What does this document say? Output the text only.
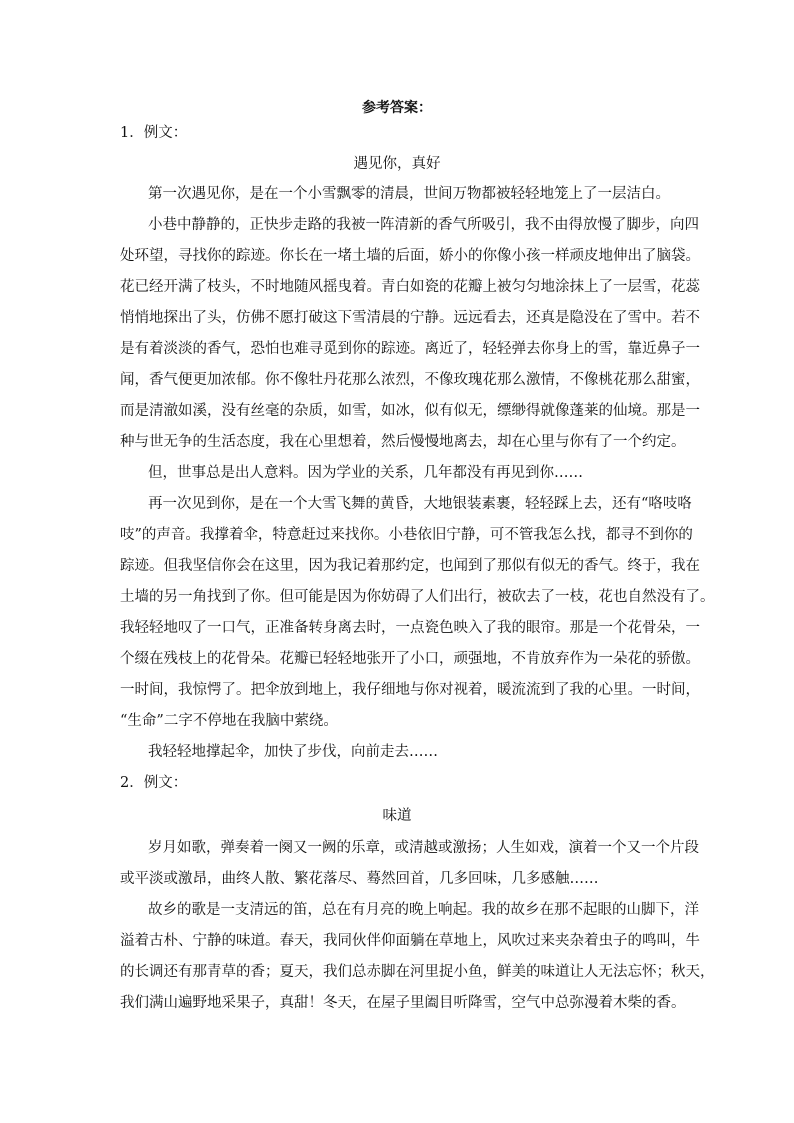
参考答案：
1．例文：
遇见你，真好
第一次遇见你，是在一个小雪飘零的清晨，世间万物都被轻轻地笼上了一层洁白。
小巷中静静的，正快步走路的我被一阵清新的香气所吸引，我不由得放慢了脚步，向四
处环望，寻找你的踪迹。你长在一堵土墙的后面，娇小的你像小孩一样顽皮地伸出了脑袋。
花已经开满了枝头，不时地随风摇曳着。青白如瓷的花瓣上被匀匀地涂抹上了一层雪，花蕊
悄悄地探出了头，仿佛不愿打破这下雪清晨的宁静。远远看去，还真是隐没在了雪中。若不
是有着淡淡的香气，恐怕也难寻觅到你的踪迹。离近了，轻轻弹去你身上的雪，靠近鼻子一
闻，香气便更加浓郁。你不像牡丹花那么浓烈，不像玫瑰花那么激情，不像桃花那么甜蜜，
而是清澈如溪，没有丝毫的杂质，如雪，如冰，似有似无，缥缈得就像蓬莱的仙境。那是一
种与世无争的生活态度，我在心里想着，然后慢慢地离去，却在心里与你有了一个约定。
但，世事总是出人意料。因为学业的关系，几年都没有再见到你……
再一次见到你，是在一个大雪飞舞的黄昏，大地银装素裹，轻轻踩上去，还有“咯吱咯
吱”的声音。我撑着伞，特意赶过来找你。小巷依旧宁静，可不管我怎么找，都寻不到你的
踪迹。但我坚信你会在这里，因为我记着那约定，也闻到了那似有似无的香气。终于，我在
土墙的另一角找到了你。但可能是因为你妨碍了人们出行，被砍去了一枝，花也自然没有了。
我轻轻地叹了一口气，正准备转身离去时，一点瓷色映入了我的眼帘。那是一个花骨朵，一
个缀在残枝上的花骨朵。花瓣已轻轻地张开了小口，顽强地，不肯放弃作为一朵花的骄傲。
一时间，我惊愕了。把伞放到地上，我仔细地与你对视着，暖流流到了我的心里。一时间，
“生命”二字不停地在我脑中萦绕。
我轻轻地撑起伞，加快了步伐，向前走去……
2．例文：
味道
岁月如歌，弹奏着一阕又一阙的乐章，或清越或激扬；人生如戏，演着一个又一个片段
或平淡或激昂，曲终人散、繁花落尽、蓦然回首，几多回味，几多感触……
故乡的歌是一支清远的笛，总在有月亮的晚上响起。我的故乡在那不起眼的山脚下，洋
溢着古朴、宁静的味道。春天，我同伙伴仰面躺在草地上，风吹过来夹杂着虫子的鸣叫，牛
的长调还有那青草的香；夏天，我们总赤脚在河里捉小鱼，鲜美的味道让人无法忘怀；秋天，
我们满山遍野地采果子，真甜！冬天，在屋子里阖目听降雪，空气中总弥漫着木柴的香。
